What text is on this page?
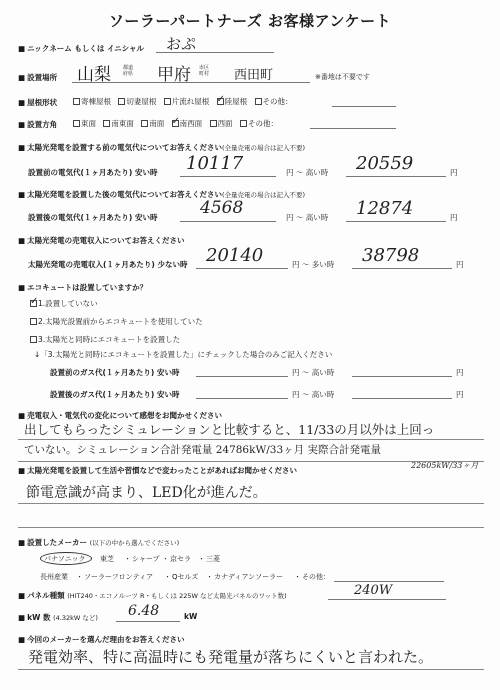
ソーラーパートナーズ お客様アンケート
■ ニックネーム もしくは イニシャル おぷ
■ 設置場所 山梨 都道府県 甲府 市区町村	西田町	※番地は不要です
■ 屋根形状	寄棟屋根 切妻屋根 片流れ屋根 ✓ 陸屋根 その他：
■ 設置方角	東面 南東面 南面 ✓ 南西面 西面 その他：
■ 太陽光発電を設置する前の電気代についてお答えください(全量売電の場合は記入不要)
設置前の電気代(１ヶ月あたり) 安い時 10117	円 〜 高い時 20559	円
■ 太陽光発電を設置した後の電気代についてお答えください(全量売電の場合は記入不要)
設置後の電気代(１ヶ月あたり) 安い時	4568	円 〜 高い時 12874	円
■ 太陽光発電の売電収入についてお答えください
太陽光発電の売電収入(１ヶ月あたり) 少ない時 20140	円 〜 多い時 38798	円
■ エコキュートは設置していますか？
✓1.設置していない
2.太陽光設置前からエコキュートを使用していた
3.太陽光と同時にエコキュートを設置した
↓「3.太陽光と同時にエコキュートを設置した」にチェックした場合のみご記入ください
設置前のガス代(１ヶ月あたり) 安い時	円 〜 高い時	円
設置後のガス代(１ヶ月あたり) 安い時	円 〜 高い時	円
■ 売電収入・電気代の変化について感想をお聞かせください
出してもらったシミュレーションと比較すると、11/33の月以外は上回っ
ていない。シミュレーション合計発電量 24786kW/33ヶ月 実際合計発電量
22605kW/33ヶ月
■ 太陽光発電を設置して生活や習慣などで変わったことがあればお聞かせください
節電意識が高まり、LED化が進んだ。
■ 設置したメーカー (以下の中から選んでください)
パナソニック 東芝 ・ シャープ ・ 京セラ ・ 三菱
長州産業 ・ ソーラーフロンティア ・ Qセルズ ・ カナディアンソーラー ・ その他：
■ パネル種類 (HIT240・エコノルーツ R・もしくは 225W など太陽光パネルのワット数)	240W
■ kW 数 (4.32kW など) 6.48	kW
■ 今回のメーカーを選んだ理由をお答えください
発電効率、特に高温時にも発電量が落ちにくいと言われた。
